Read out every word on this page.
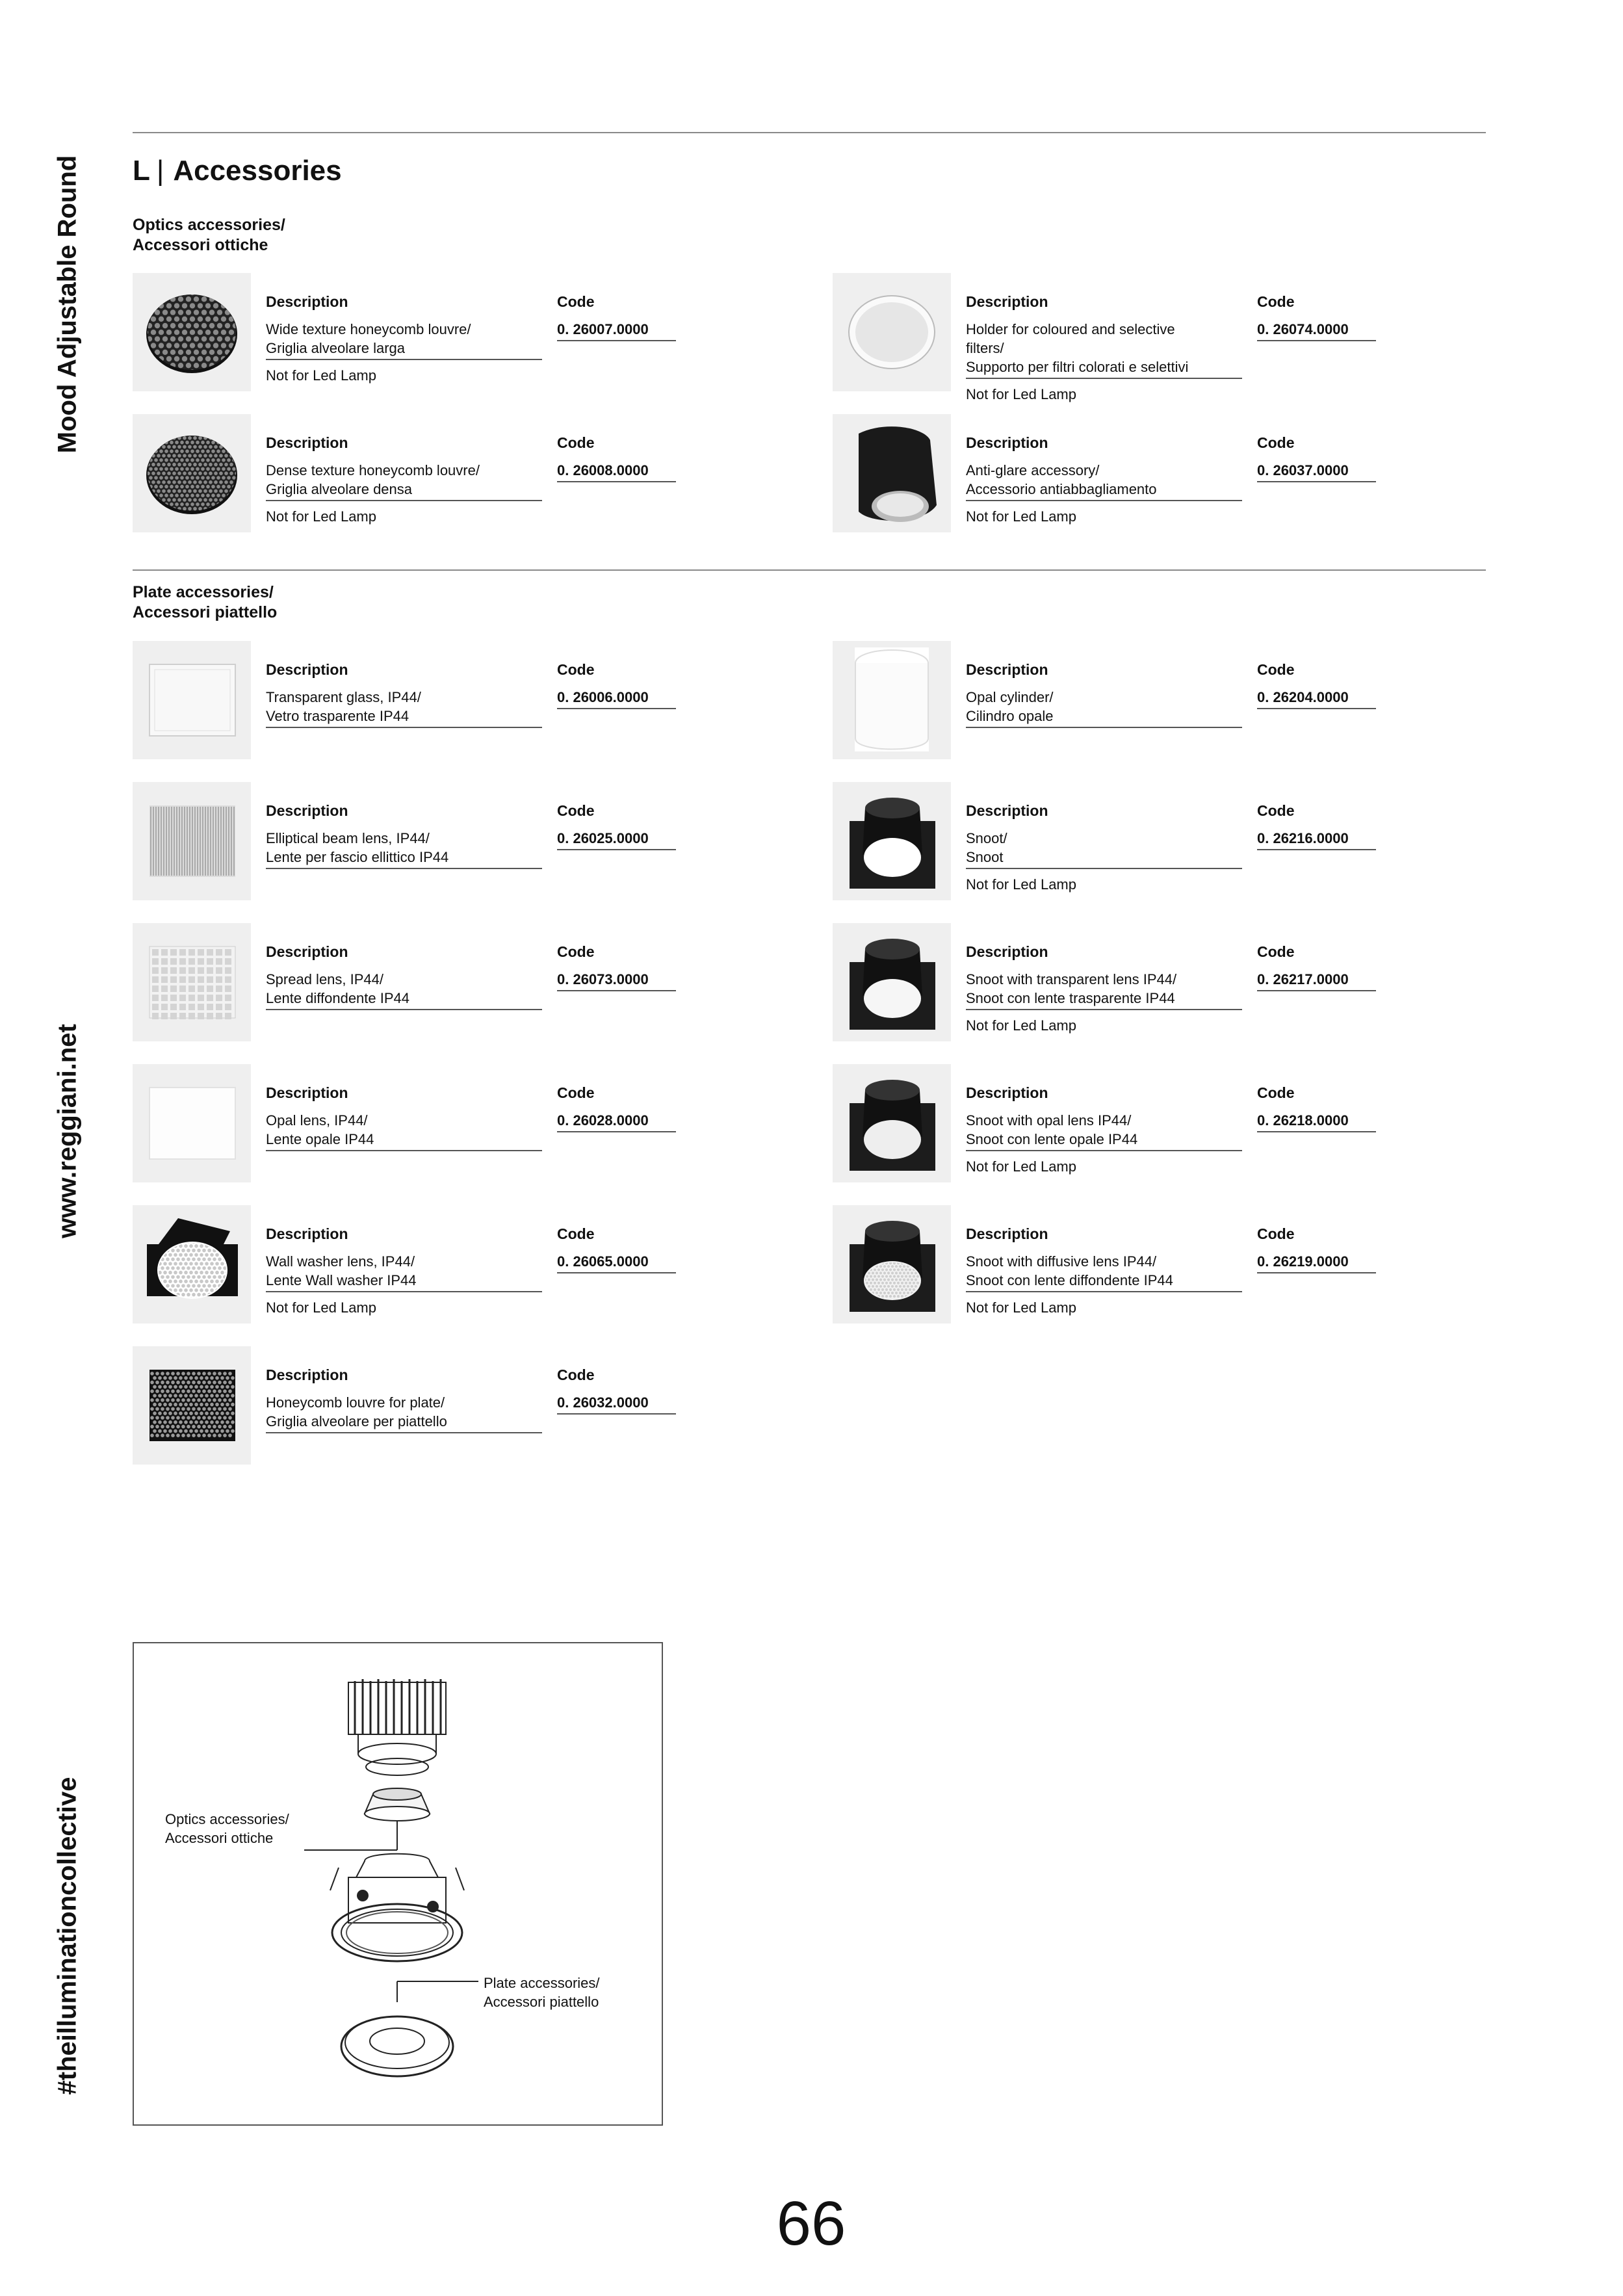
Mood Adjustable Round
www.reggiani.net
#theilluminationcollective
L | Accessories
Optics accessories/
Accessori ottiche
Plate accessories/
Accessori piattello
Description
Wide texture honeycomb louvre/
Griglia alveolare larga
Not for Led Lamp
Code
0. 26007.0000
Description
Holder for coloured and selective
filters/
Supporto per filtri colorati e selettivi
Not for Led Lamp
Code
0. 26074.0000
Description
Dense texture honeycomb louvre/
Griglia alveolare densa
Not for Led Lamp
Code
0. 26008.0000
Description
Anti-glare accessory/
Accessorio antiabbagliamento
Not for Led Lamp
Code
0. 26037.0000
Description
Transparent glass, IP44/
Vetro trasparente IP44
Code
0. 26006.0000
Description
Opal cylinder/
Cilindro opale
Code
0. 26204.0000
Description
Elliptical beam lens, IP44/
Lente per fascio ellittico IP44
Code
0. 26025.0000
Description
Snoot/
Snoot
Not for Led Lamp
Code
0. 26216.0000
Description
Spread lens, IP44/
Lente diffondente IP44
Code
0. 26073.0000
Description
Snoot with transparent lens IP44/
Snoot con lente trasparente IP44
Not for Led Lamp
Code
0. 26217.0000
Description
Opal lens, IP44/
Lente opale IP44
Code
0. 26028.0000
Description
Snoot with opal lens IP44/
Snoot con lente opale IP44
Not for Led Lamp
Code
0. 26218.0000
Description
Wall washer lens, IP44/
Lente Wall washer IP44
Not for Led Lamp
Code
0. 26065.0000
Description
Snoot with diffusive lens IP44/
Snoot con lente diffondente IP44
Not for Led Lamp
Code
0. 26219.0000
Description
Honeycomb louvre for plate/
Griglia alveolare per piattello
Code
0. 26032.0000
Optics accessories/
Accessori ottiche
Plate accessories/
Accessori piattello
66
